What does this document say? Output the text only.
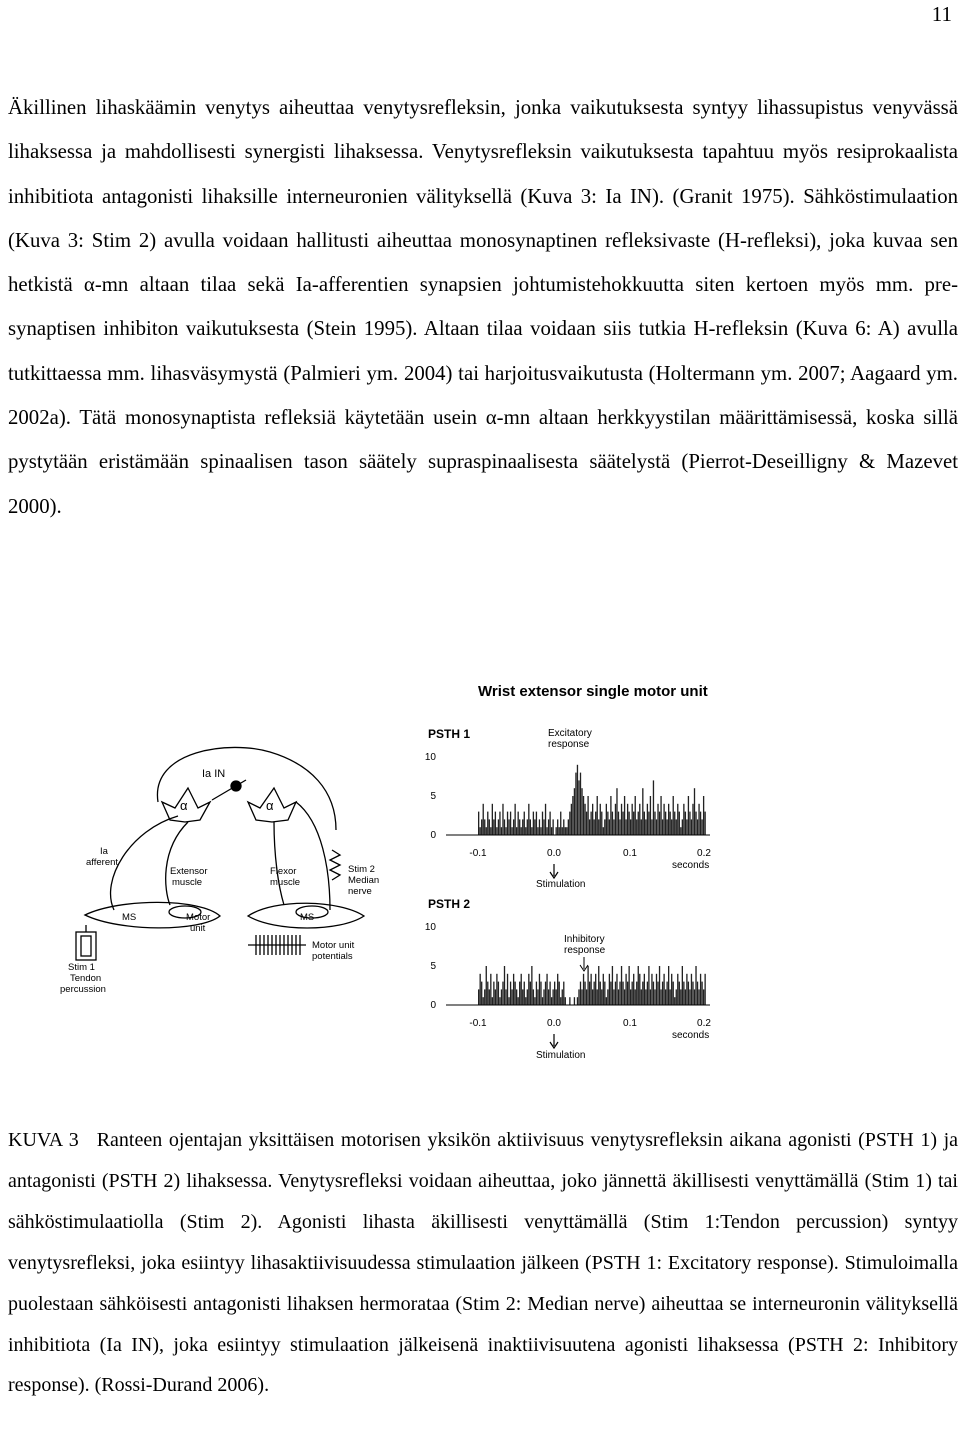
11

Äkillinen lihaskäämin venytys aiheuttaa venytysrefleksin, jonka vaikutuksesta syntyy lihassupistus venyvässä lihaksessa ja mahdollisesti synergisti lihaksessa. Venytysrefleksin vaikutuksesta tapahtuu myös resiprokaalista inhibitiota antagonisti lihaksille interneuronien välityksellä (Kuva 3: Ia IN). (Granit 1975). Sähköstimulaation (Kuva 3: Stim 2) avulla voidaan hallitusti aiheuttaa monosynaptinen refleksivaste (H-refleksi), joka kuvaa sen hetkistä α-mn altaan tilaa sekä Ia-afferentien synapsien johtumistehokkuutta siten kertoen myös mm. pre-synaptisen inhibiton vaikutuksesta (Stein 1995). Altaan tilaa voidaan siis tutkia H-refleksin (Kuva 6: A) avulla tutkittaessa mm. lihasväsymystä (Palmieri ym. 2004) tai harjoitusvaikutusta (Holtermann ym. 2007; Aagaard ym. 2002a). Tätä monosynaptista refleksiä käytetään usein α-mn altaan herkkyystilan määrittämisessä, koska sillä pystytään eristämään spinaalisen tason säätely supraspinaalisesta säätelystä (Pierrot-Deseilligny & Mazevet 2000).

Wrist extensor single motor unit
Ia IN
α	α
Ia
afferent
Extensor
muscle
Flexor
muscle
Stim 2
Median
nerve
MS	MS
Motor
unit
Motor unit
potentials
Stim 1
Tendon
percussion
PSTH 1	Excitatory
response
10
5
0
-0.1	0.0	0.1	0.2
seconds
Stimulation
PSTH 2
Inhibitory
response
10
5
0
-0.1	0.0	0.1	0.2
seconds
Stimulation

KUVA 3 Ranteen ojentajan yksittäisen motorisen yksikön aktiivisuus venytysrefleksin aikana agonisti (PSTH 1) ja antagonisti (PSTH 2) lihaksessa. Venytysrefleksi voidaan aiheuttaa, joko jännettä äkillisesti venyttämällä (Stim 1) tai sähköstimulaatiolla (Stim 2). Agonisti lihasta äkillisesti venyttämällä (Stim 1:Tendon percussion) syntyy venytysrefleksi, joka esiintyy lihasaktiivisuudessa stimulaation jälkeen (PSTH 1: Excitatory response). Stimuloimalla puolestaan sähköisesti antagonisti lihaksen hermorataa (Stim 2: Median nerve) aiheuttaa se interneuronin välityksellä inhibitiota (Ia IN), joka esiintyy stimulaation jälkeisenä inaktiivisuutena agonisti lihaksessa (PSTH 2: Inhibitory response). (Rossi-Durand 2006).
